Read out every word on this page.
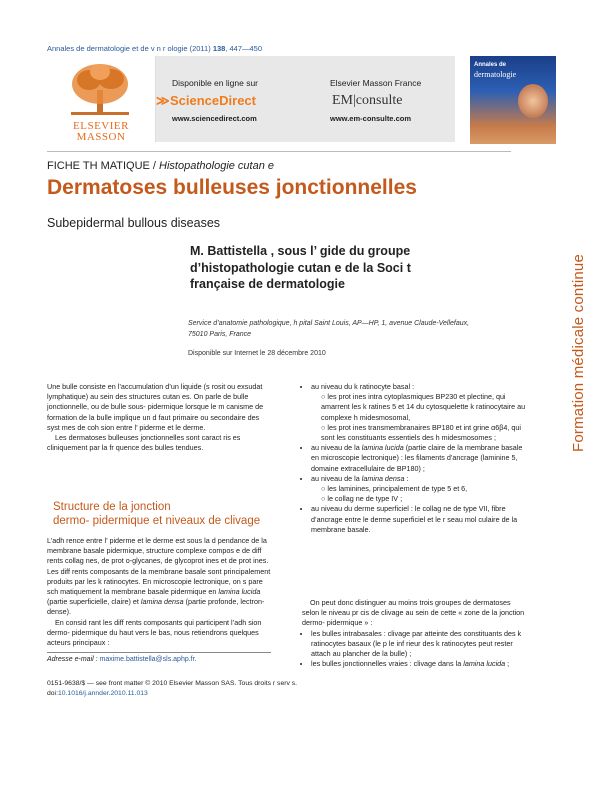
Annales de dermatologie et de v n r ologie (2011) 138, 447—450
ELSEVIER
MASSON
Disponible en ligne sur
≫ ScienceDirect
www.sciencedirect.com
Elsevier Masson France
EM|consulte
www.em-consulte.com
Annales de
dermatologie
FICHE TH MATIQUE / Histopathologie cutan e
Dermatoses bulleuses jonctionnelles
Subepidermal bullous diseases
Formation médicale continue
M. Battistella , sous l’ gide du groupe
d’histopathologie cutan e de la Soci t
française de dermatologie
Service d’anatomie pathologique, h pital Saint Louis, AP—HP, 1, avenue Claude-Vellefaux,
75010 Paris, France
Disponible sur Internet le 28 décembre 2010
Une bulle consiste en l’accumulation d’un liquide (s rosit ou exsudat lymphatique) au sein des structures cutan es. On parle de bulle jonctionnelle, ou de bulle sous- pidermique lorsque le m canisme de formation de la bulle implique un d faut primaire ou secondaire des syst mes de coh sion entre l’ piderme et le derme.
Les dermatoses bulleuses jonctionnelles sont caract ris es cliniquement par la fr quence des bulles tendues.
Structure de la jonction
dermo- pidermique et niveaux de clivage
L’adh rence entre l’ piderme et le derme est sous la d pendance de la membrane basale pidermique, structure complexe compos e de diff rents collag nes, de prot o-glycanes, de glycoprot ines et de prot ines. Les diff rents composants de la membrane basale sont principalement produits par les k ratinocytes. En microscopie lectronique, on s pare sch matiquement la membrane basale pidermique en lamina lucida (partie superficielle, claire) et lamina densa (partie profonde, lectron-dense).
En consid rant les diff rents composants qui participent l’adh sion dermo- pidermique du haut vers le bas, nous retiendrons quelques acteurs principaux :
• au niveau du k ratinocyte basal :
○ les prot ines intra cytoplasmiques BP230 et plectine, qui amarrent les k ratines 5 et 14 du cytosquelette k ratinocytaire au complexe h midesmosomal,
○ les prot ines transmembranaires BP180 et int grine α6β4, qui sont les constituants essentiels des h midesmosomes ;
• au niveau de la lamina lucida (partie claire de la membrane basale en microscopie lectronique) : les filaments d’ancrage (laminine 5, domaine extracellulaire de BP180) ;
• au niveau de la lamina densa :
○ les laminines, principalement de type 5 et 6,
○ le collag ne de type IV ;
• au niveau du derme superficiel : le collag ne de type VII, fibre d’ancrage entre le derme superficiel et le r seau mol culaire de la membrane basale.
On peut donc distinguer au moins trois groupes de dermatoses selon le niveau pr cis de clivage au sein de cette « zone de la jonction dermo- pidermique » :
• les bulles intrabasales : clivage par atteinte des constituants des k ratinocytes basaux (le p le inf rieur des k ratinocytes peut rester attach au plancher de la bulle) ;
• les bulles jonctionnelles vraies : clivage dans la lamina lucida ;
Adresse e-mail : maxime.battistella@sls.aphp.fr.
0151-9638/$ — see front matter © 2010 Elsevier Masson SAS. Tous droits r serv s.
doi:10.1016/j.annder.2010.11.013
